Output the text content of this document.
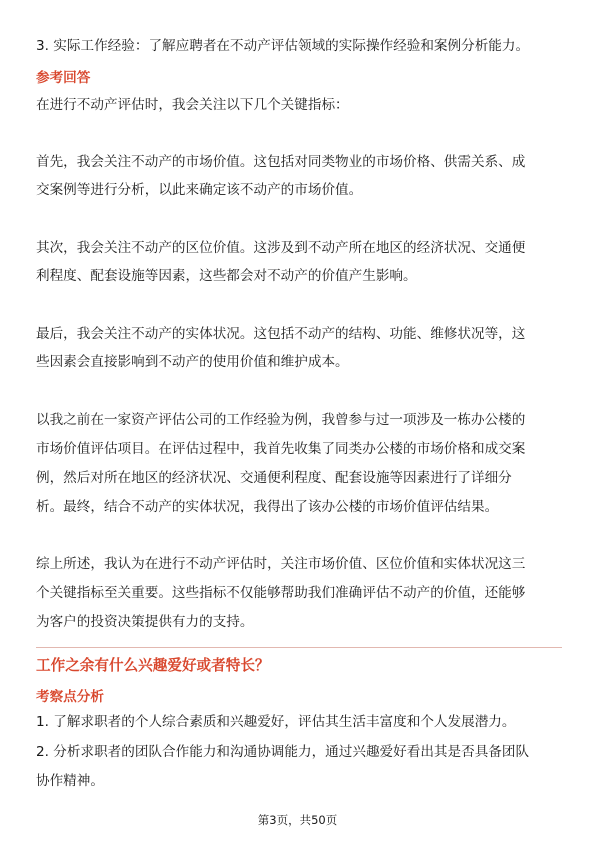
3. 实际工作经验：了解应聘者在不动产评估领域的实际操作经验和案例分析能力。
参考回答
在进行不动产评估时，我会关注以下几个关键指标：
首先，我会关注不动产的市场价值。这包括对同类物业的市场价格、供需关系、成
交案例等进行分析，以此来确定该不动产的市场价值。
其次，我会关注不动产的区位价值。这涉及到不动产所在地区的经济状况、交通便
利程度、配套设施等因素，这些都会对不动产的价值产生影响。
最后，我会关注不动产的实体状况。这包括不动产的结构、功能、维修状况等，这
些因素会直接影响到不动产的使用价值和维护成本。
以我之前在一家资产评估公司的工作经验为例，我曾参与过一项涉及一栋办公楼的
市场价值评估项目。在评估过程中，我首先收集了同类办公楼的市场价格和成交案
例，然后对所在地区的经济状况、交通便利程度、配套设施等因素进行了详细分
析。最终，结合不动产的实体状况，我得出了该办公楼的市场价值评估结果。
综上所述，我认为在进行不动产评估时，关注市场价值、区位价值和实体状况这三
个关键指标至关重要。这些指标不仅能够帮助我们准确评估不动产的价值，还能够
为客户的投资决策提供有力的支持。
工作之余有什么兴趣爱好或者特长？
考察点分析
1. 了解求职者的个人综合素质和兴趣爱好，评估其生活丰富度和个人发展潜力。
2. 分析求职者的团队合作能力和沟通协调能力，通过兴趣爱好看出其是否具备团队
协作精神。
第3页，共50页
